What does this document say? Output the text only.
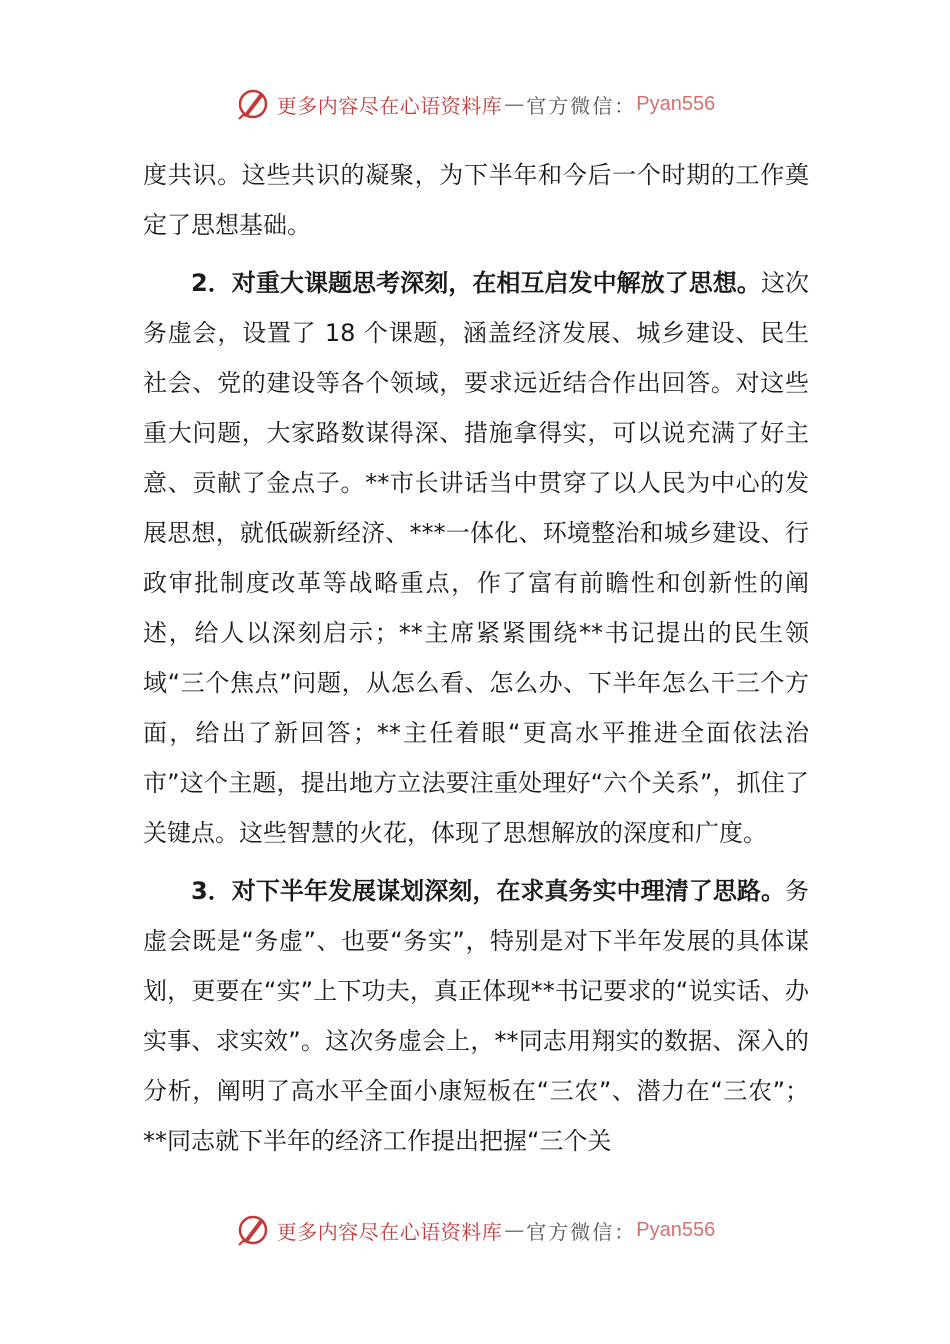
更多内容尽在心语资料库 — 官方微信： Pyan556

度共识。这些共识的凝聚，为下半年和今后一个时期的工作奠定了思想基础。

2．对重大课题思考深刻，在相互启发中解放了思想。这次务虚会，设置了 18 个课题，涵盖经济发展、城乡建设、民生社会、党的建设等各个领域，要求远近结合作出回答。对这些重大问题，大家路数谋得深、措施拿得实，可以说充满了好主意、贡献了金点子。**市长讲话当中贯穿了以人民为中心的发展思想，就低碳新经济、***一体化、环境整治和城乡建设、行政审批制度改革等战略重点，作了富有前瞻性和创新性的阐述，给人以深刻启示；**主席紧紧围绕**书记提出的民生领域“三个焦点”问题，从怎么看、怎么办、下半年怎么干三个方面，给出了新回答；**主任着眼“更高水平推进全面依法治市”这个主题，提出地方立法要注重处理好“六个关系”，抓住了关键点。这些智慧的火花，体现了思想解放的深度和广度。

3．对下半年发展谋划深刻，在求真务实中理清了思路。务虚会既是“务虚”、也要“务实”，特别是对下半年发展的具体谋划，更要在“实”上下功夫，真正体现**书记要求的“说实话、办实事、求实效”。这次务虚会上，**同志用翔实的数据、深入的分析，阐明了高水平全面小康短板在“三农”、潜力在“三农”；**同志就下半年的经济工作提出把握“三个关

更多内容尽在心语资料库 — 官方微信： Pyan556
